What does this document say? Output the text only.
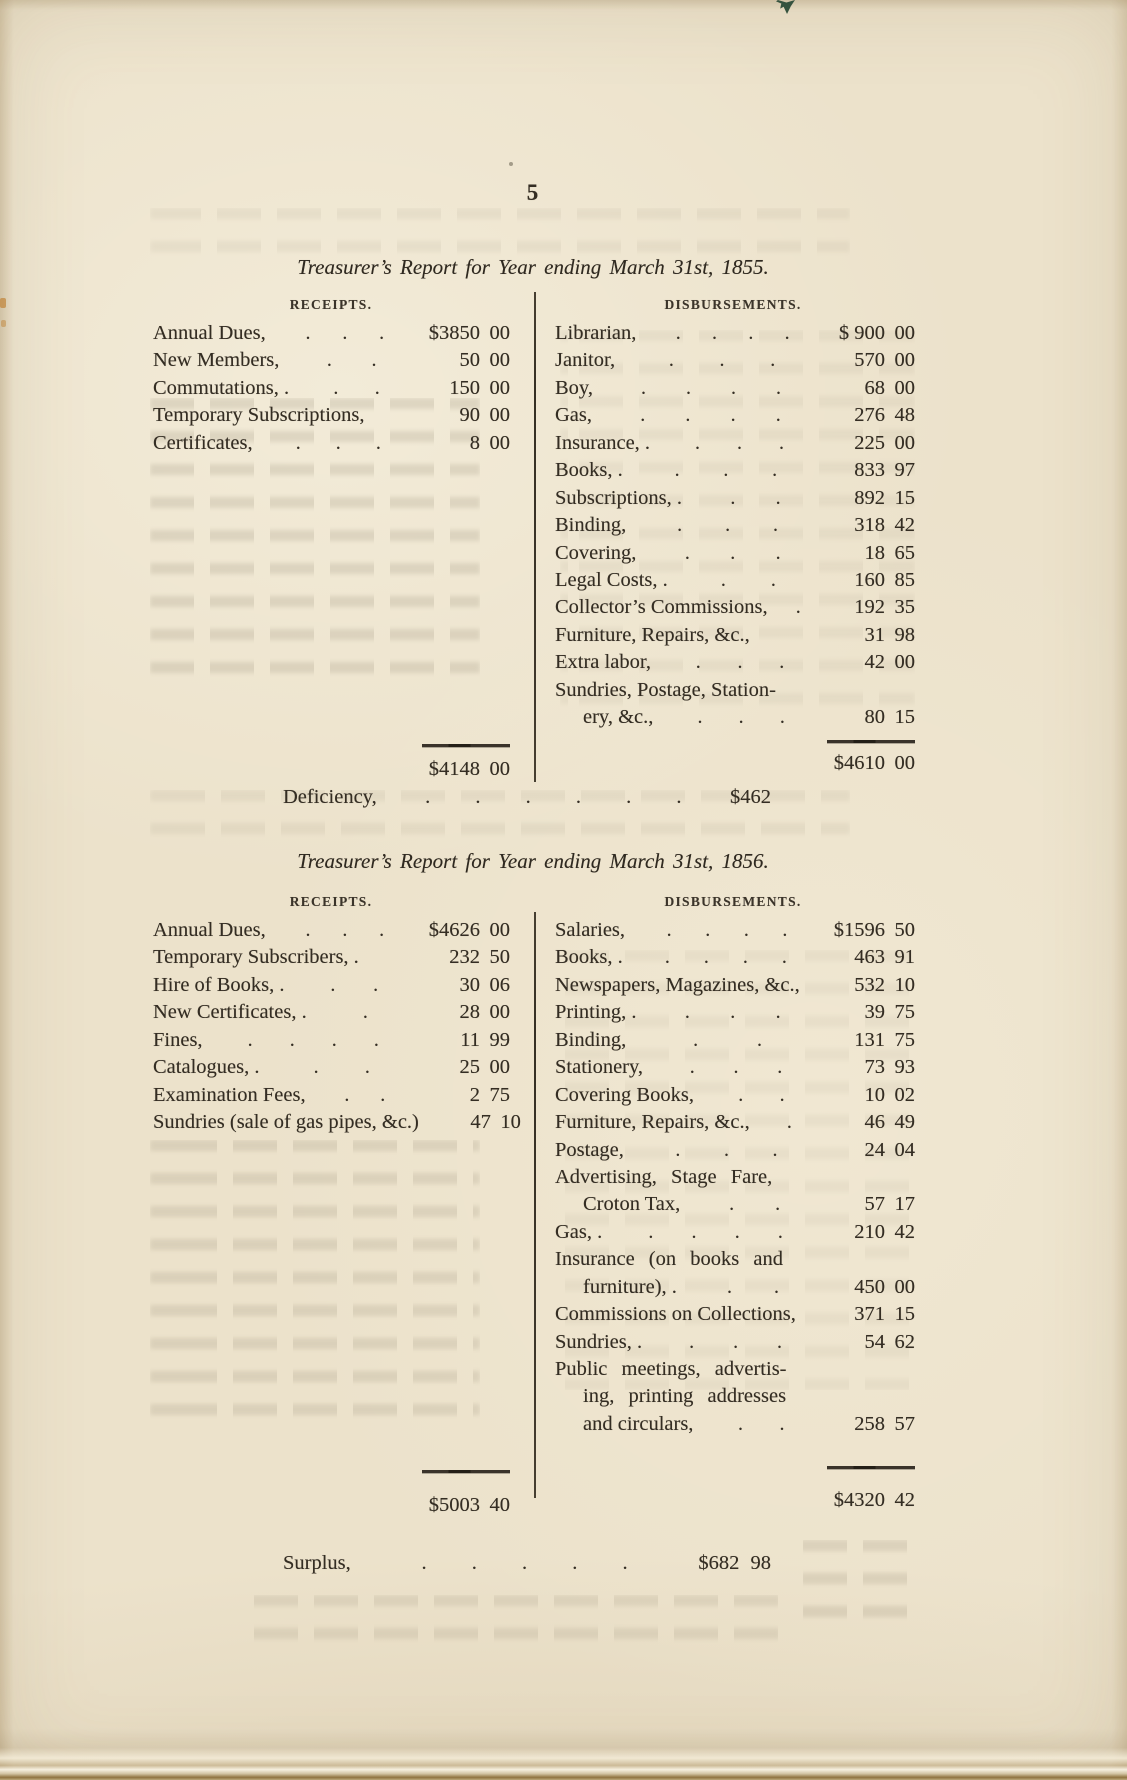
5
Treasurer’s Report for Year ending March 31st, 1855.
RECEIPTS.	DISBURSEMENTS.
Annual Dues, . . . $3850 00
New Members, . .	50 00
Commutations, . . .	150 00
Temporary Subscriptions,	90 00
Certificates, . . .	8 00
Librarian, . . . .	$ 900 00
Janitor,	. . .	570 00
Boy, . . . .	68 00
Gas, . . . .	276 48
Insurance, . . . .	225 00
Books, .	. . .	833 97
Subscriptions, . . .	892 15
Binding,	. . .	318 42
Covering, . . .	18 65
Legal Costs, .	. .	160 85
Collector’s Commissions, .	192 35
Furniture, Repairs, &c.,	31 98
Extra labor, . . .	42 00
Sundries, Postage, Station-
ery, &c., . . .	80 15
$4148 00	$4610 00
Deficiency,	. . . . . .	$462
Treasurer’s Report for Year ending March 31st, 1856.
RECEIPTS.	DISBURSEMENTS.
Annual Dues, . . . $4626 00
Temporary Subscribers, .	232 50
Hire of Books, . . .	30 06
New Certificates, .	.	28 00
Fines, . . . .	11 99
Catalogues, .	. .	25 00
Examination Fees, . .	2 75
Sundries (sale of gas pipes, &c.)	47 10
Salaries, . . . . $1596 50
Books, . . . . .	463 91
Newspapers, Magazines, &c.,	532 10
Printing, . . . .	39 75
Binding,	.	.	131 75
Stationery, . . .	73 93
Covering Books, . .	10 02
Furniture, Repairs, &c., .	46 49
Postage,	. . .	24 04
Advertising, Stage Fare,
Croton Tax, . .	57 17
Gas, . . . . .	210 42
Insurance (on books and
furniture), .	. .	450 00
Commissions on Collections,	371 15
Sundries, . . . .	54 62
Public meetings, advertis-
ing, printing addresses
and circulars, . .	258 57
$5003 40	$4320 42
Surplus,	. . . . .	$682 98
